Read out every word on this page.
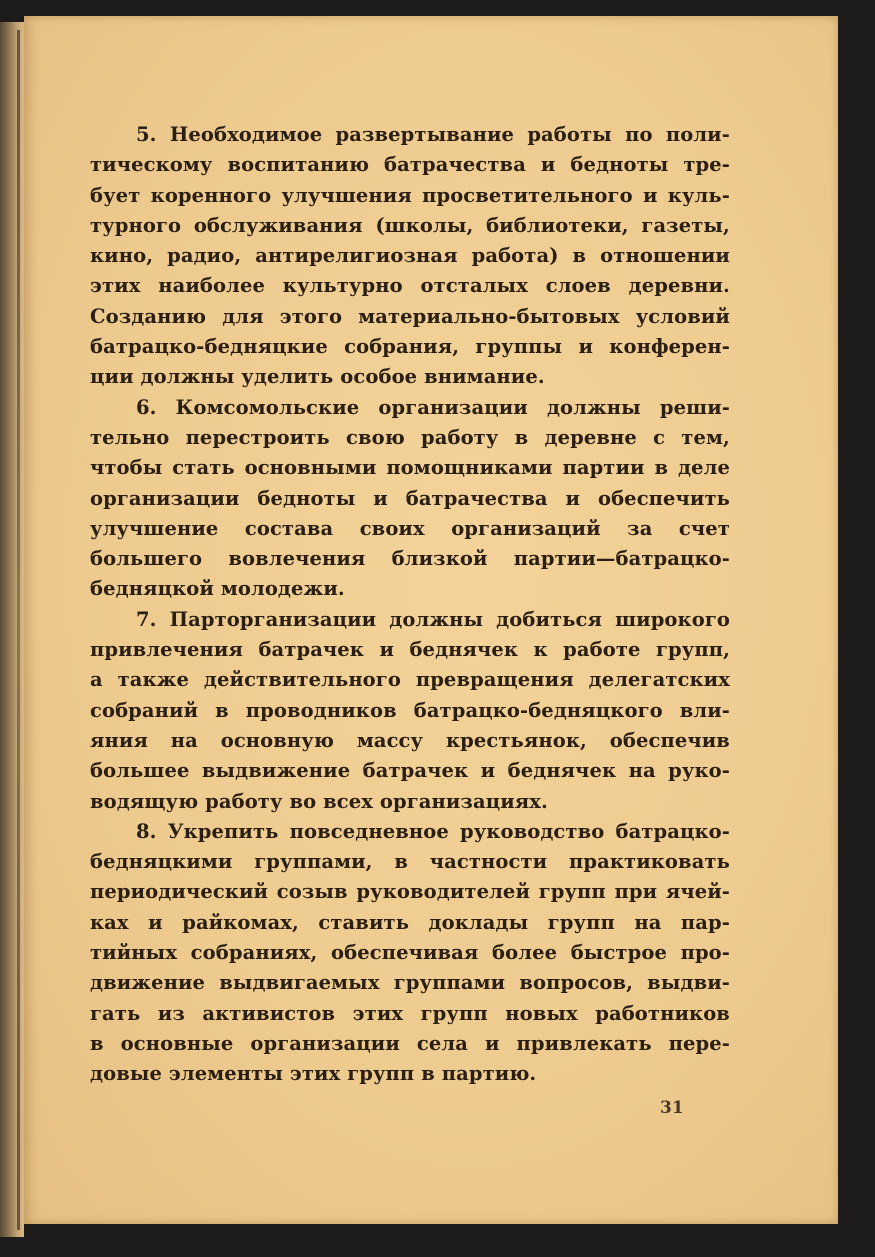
5. Необходимое развертывание работы по поли-
тическому воспитанию батрачества и бедноты тре-
бует коренного улучшения просветительного и куль-
турного обслуживания (школы, библиотеки, газеты,
кино, радио, антирелигиозная работа) в отношении
этих наиболее культурно отсталых слоев деревни.
Созданию для этого материально-бытовых условий
батрацко-бедняцкие собрания, группы и конферен-
ции должны уделить особое внимание.
6. Комсомольские организации должны реши-
тельно перестроить свою работу в деревне с тем,
чтобы стать основными помощниками партии в деле
организации бедноты и батрачества и обеспечить
улучшение состава своих организаций за счет
большего вовлечения близкой партии—батрацко-
бедняцкой молодежи.
7. Парторганизации должны добиться широкого
привлечения батрачек и беднячек к работе групп,
а также действительного превращения делегатских
собраний в проводников батрацко-бедняцкого вли-
яния на основную массу крестьянок, обеспечив
большее выдвижение батрачек и беднячек на руко-
водящую работу во всех организациях.
8. Укрепить повседневное руководство батрацко-
бедняцкими группами, в частности практиковать
периодический созыв руководителей групп при ячей-
ках и райкомах, ставить доклады групп на пар-
тийных собраниях, обеспечивая более быстрое про-
движение выдвигаемых группами вопросов, выдви-
гать из активистов этих групп новых работников
в основные организации села и привлекать пере-
довые элементы этих групп в партию.
31
